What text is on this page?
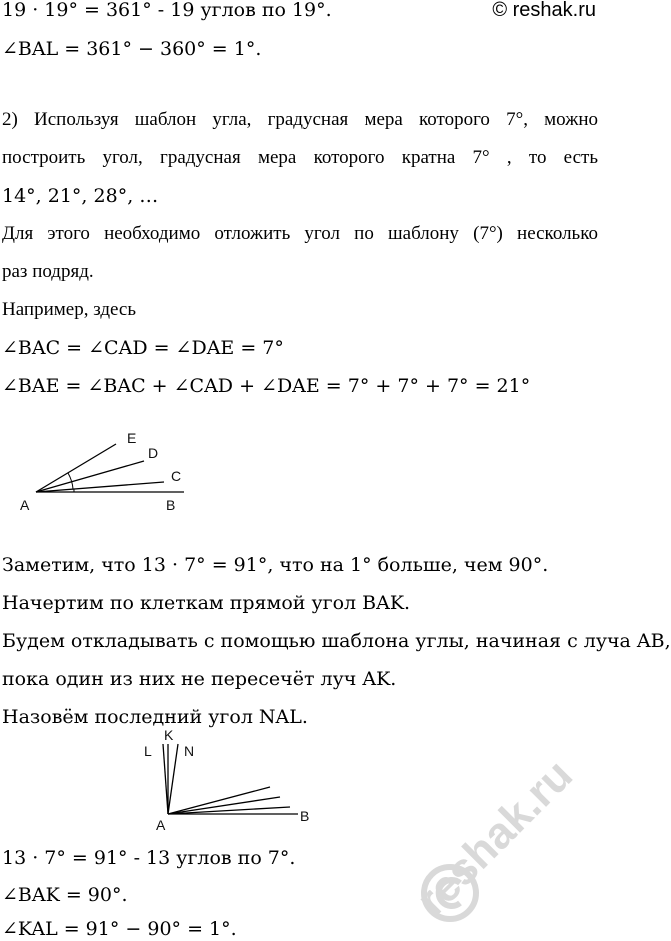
© reshak.ru
19 · 19° = 361° - 19 углов по 19°.
∠BAL = 361° − 360° = 1°.
2) Используя шаблон угла, градусная мера которого 7°, можно
построить угол, градусная мера которого кратна 7° , то есть
14°, 21°, 28°, …
Для этого необходимо отложить угол по шаблону (7°) несколько
раз подряд.
Например, здесь
∠BAC = ∠CAD = ∠DAE = 7°
∠BAE = ∠BAC + ∠CAD + ∠DAE = 7° + 7° + 7° = 21°
A	B
C
D
E
Заметим, что 13 · 7° = 91°, что на 1° больше, чем 90°.
Начертим по клеткам прямой угол BAK.
Будем откладывать с помощью шаблона углы, начиная с луча AB,
пока один из них не пересечёт луч AK.
Назовём последний угол NAL.
A
B
K
L N
13 · 7° = 91° - 13 углов по 7°.
∠BAK = 90°.
∠KAL = 91° − 90° = 1°.
reshak.ru
